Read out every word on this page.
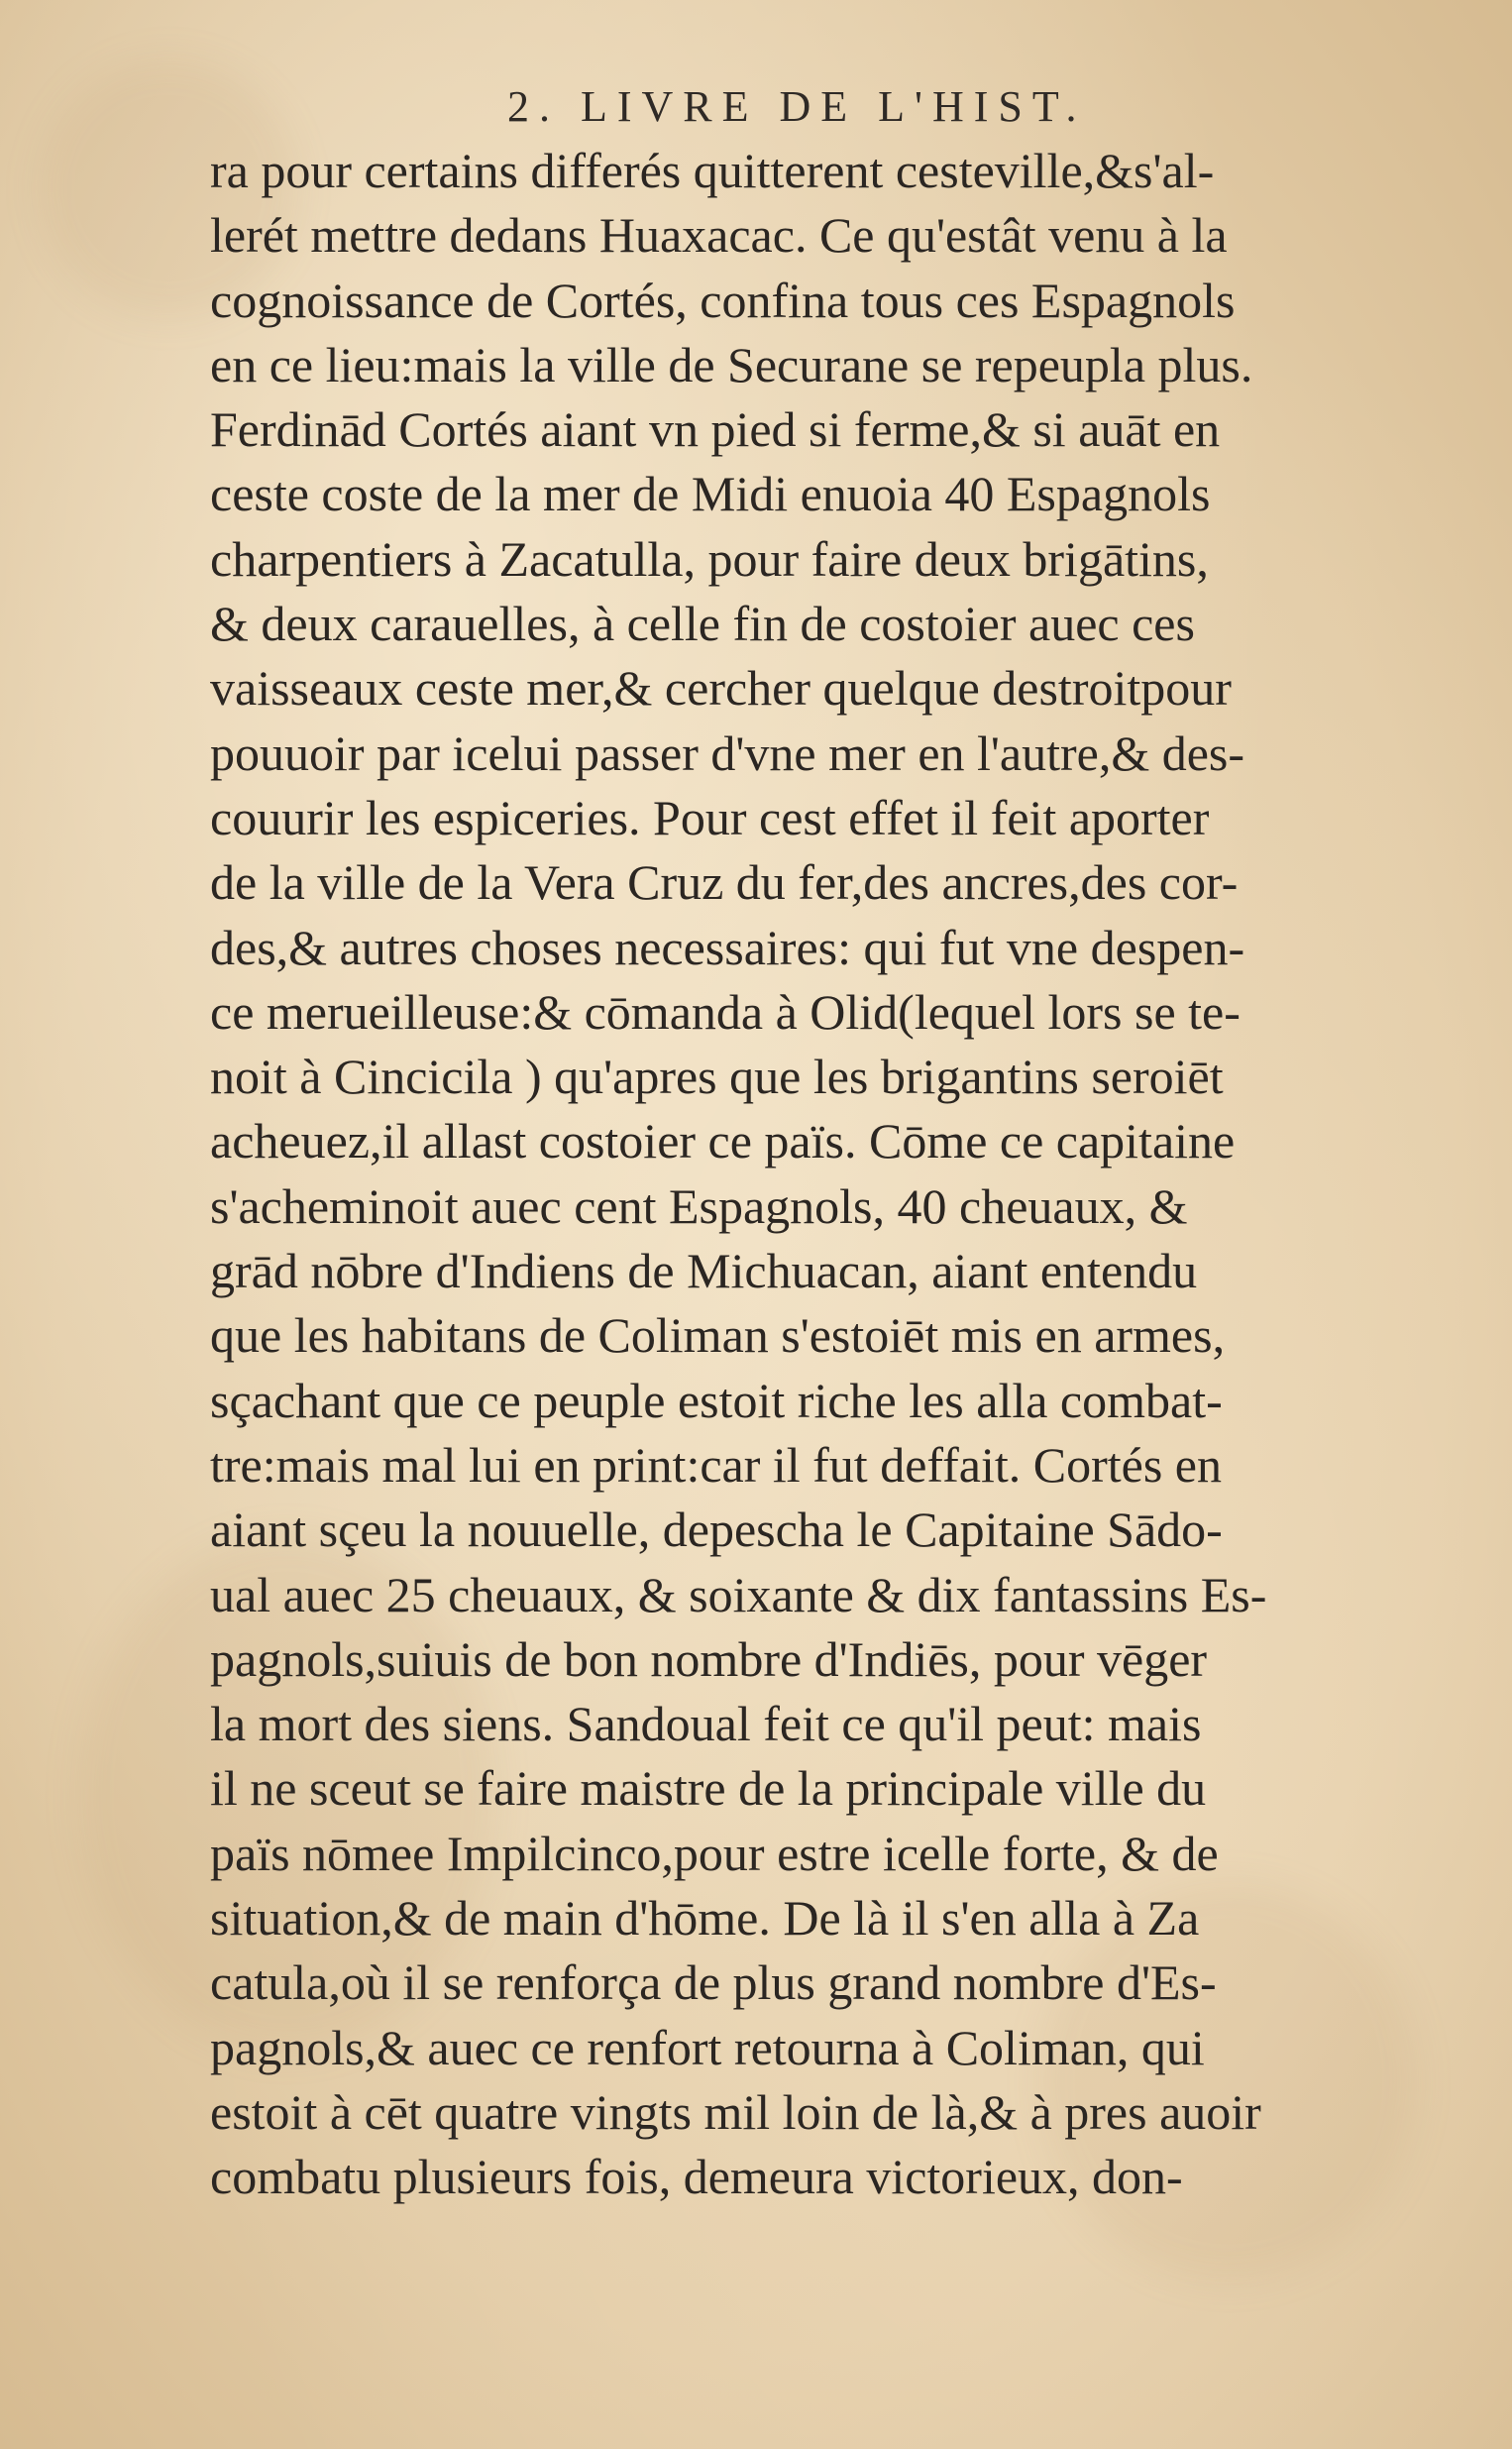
2. LIVRE DE L'HIST.
ra pour certains differés quitterent cesteville,&s'al-
lerét mettre dedans Huaxacac. Ce qu'estât venu à la
cognoissance de Cortés, confina tous ces Espagnols
en ce lieu:mais la ville de Securane se repeupla plus.
Ferdinād Cortés aiant vn pied si ferme,& si auāt en
ceste coste de la mer de Midi enuoia 40 Espagnols
charpentiers à Zacatulla, pour faire deux brigātins,
& deux carauelles, à celle fin de costoier auec ces
vaisseaux ceste mer,& cercher quelque destroitpour
pouuoir par icelui passer d'vne mer en l'autre,& des-
couurir les espiceries. Pour cest effet il feit aporter
de la ville de la Vera Cruz du fer,des ancres,des cor-
des,& autres choses necessaires: qui fut vne despen-
ce merueilleuse:& cōmanda à Olid(lequel lors se te-
noit à Cincicila ) qu'apres que les brigantins seroiēt
acheuez,il allast costoier ce païs. Cōme ce capitaine
s'acheminoit auec cent Espagnols, 40 cheuaux, &
grād nōbre d'Indiens de Michuacan, aiant entendu
que les habitans de Coliman s'estoiēt mis en armes,
sçachant que ce peuple estoit riche les alla combat-
tre:mais mal lui en print:car il fut deffait. Cortés en
aiant sçeu la nouuelle, depescha le Capitaine Sādo-
ual auec 25 cheuaux, & soixante & dix fantassins Es-
pagnols,suiuis de bon nombre d'Indiēs, pour vēger
la mort des siens. Sandoual feit ce qu'il peut: mais
il ne sceut se faire maistre de la principale ville du
païs nōmee Impilcinco,pour estre icelle forte, & de
situation,& de main d'hōme. De là il s'en alla à Za
catula,où il se renforça de plus grand nombre d'Es-
pagnols,& auec ce renfort retourna à Coliman, qui
estoit à cēt quatre vingts mil loin de là,& à pres auoir
combatu plusieurs fois, demeura victorieux, don-
